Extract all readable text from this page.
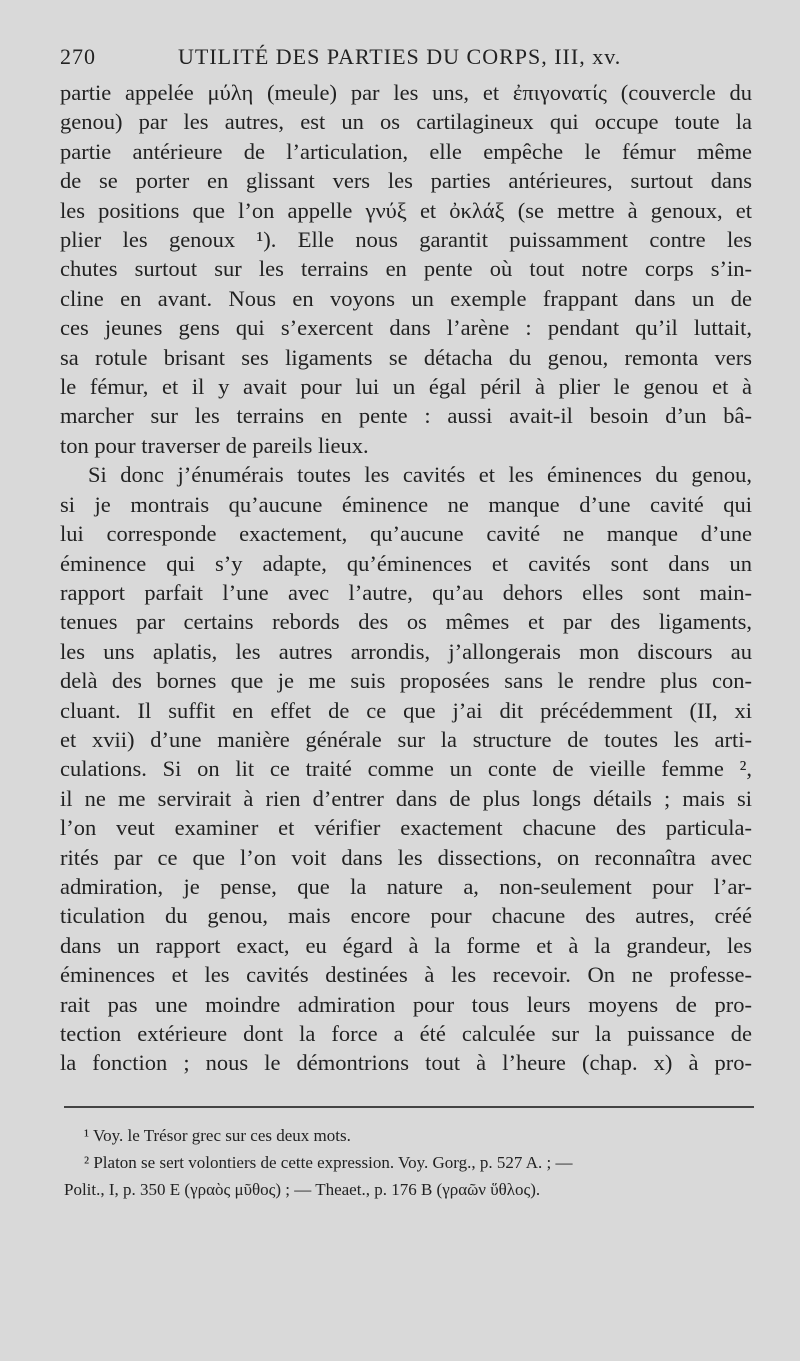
270	UTILITÉ DES PARTIES DU CORPS, III, xv.
partie appelée μύλη (meule) par les uns, et ἐπιγονατίς (couvercle du
genou) par les autres, est un os cartilagineux qui occupe toute la
partie antérieure de l’articulation, elle empêche le fémur même
de se porter en glissant vers les parties antérieures, surtout dans
les positions que l’on appelle γνύξ et ὀκλάξ (se mettre à genoux, et
plier les genoux ¹). Elle nous garantit puissamment contre les
chutes surtout sur les terrains en pente où tout notre corps s’in-
cline en avant. Nous en voyons un exemple frappant dans un de
ces jeunes gens qui s’exercent dans l’arène : pendant qu’il luttait,
sa rotule brisant ses ligaments se détacha du genou, remonta vers
le fémur, et il y avait pour lui un égal péril à plier le genou et à
marcher sur les terrains en pente : aussi avait-il besoin d’un bâ-
ton pour traverser de pareils lieux.
Si donc j’énumérais toutes les cavités et les éminences du genou,
si je montrais qu’aucune éminence ne manque d’une cavité qui
lui corresponde exactement, qu’aucune cavité ne manque d’une
éminence qui s’y adapte, qu’éminences et cavités sont dans un
rapport parfait l’une avec l’autre, qu’au dehors elles sont main-
tenues par certains rebords des os mêmes et par des ligaments,
les uns aplatis, les autres arrondis, j’allongerais mon discours au
delà des bornes que je me suis proposées sans le rendre plus con-
cluant. Il suffit en effet de ce que j’ai dit précédemment (II, xi
et xvii) d’une manière générale sur la structure de toutes les arti-
culations. Si on lit ce traité comme un conte de vieille femme ²,
il ne me servirait à rien d’entrer dans de plus longs détails ; mais si
l’on veut examiner et vérifier exactement chacune des particula-
rités par ce que l’on voit dans les dissections, on reconnaîtra avec
admiration, je pense, que la nature a, non-seulement pour l’ar-
ticulation du genou, mais encore pour chacune des autres, créé
dans un rapport exact, eu égard à la forme et à la grandeur, les
éminences et les cavités destinées à les recevoir. On ne professe-
rait pas une moindre admiration pour tous leurs moyens de pro-
tection extérieure dont la force a été calculée sur la puissance de
la fonction ; nous le démontrions tout à l’heure (chap. x) à pro-
¹ Voy. le Trésor grec sur ces deux mots.
² Platon se sert volontiers de cette expression. Voy. Gorg., p. 527 A. ; —
Polit., I, p. 350 E (γραὸς μῦθος) ; — Theaet., p. 176 B (γραῶν ὕθλος).
